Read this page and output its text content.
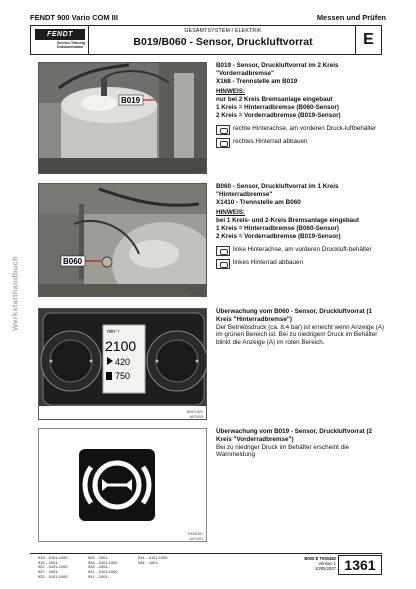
FENDT 900 Vario COM III	Messen und Prüfen
FENDT
Service-Training
Dokumentation
GESAMTSYSTEM / ELEKTRIK
B019/B060 - Sensor, Druckluftvorrat	E
Werkstatthandbuch
B019
B01156
B060
EK08290
A07/402
min⁻¹
2100
420
750
B0971421
A07/403
EK08301
A07/401
B019 - Sensor, Druckluftvorrat im 2 Kreis "Vorderradbremse"
X168 - Trennstelle am B019
HINWEIS:
nur bei 2 Kreis Bremsanlage eingebaut
1 Kreis = Hinterradbremse (B060-Sensor)
2 Kreis = Vorderradbremse (B019-Sensor)
rechte Hinterachse, am vorderen Druck-luftbehälter
rechtes Hinterrad abbauen
B060 - Sensor, Druckluftvorrat im 1 Kreis "Hinterradbremse"
X1410 - Trennstelle am B060
HINWEIS:
bei 1 Kreis- und 2-Kreis Bremsanlage eingebaut
1 Kreis = Hinterradbremse (B060-Sensor)
2 Kreis = Vorderradbremse (B019-Sensor)
linke Hinterachse, am vorderen Druckluft-behälter
linkes Hinterrad abbauen
Überwachung vom B060 - Sensor, Druckluftvorrat (1 Kreis "Hinterradbremse")
Der Betriebsdruck (ca. 8,4 bar) ist erreicht wenn Anzeige (A) im grünen Bereich ist. Bei zu niedrigem Druck im Behälter blinkt die Anzeige (A) im roten Bereich.
Überwachung vom B019 - Sensor, Druckluftvorrat (2 Kreis "Vorderradbremse")
Bei zu niedriger Druck im Behälter erscheint die Warnmeldung
919 ...0101-1000
919 ...1001-
922 ...0101-1000
922 ...1001-
925 ...0101-1000
925 ...1001-
928 ...0101-1000
928 ...1001-
931 ...0101-1000
931 ...1001-
934 ...0101-1000
934 ...1001-
B000 E T000482
Version 1
10/05/2007 1361
